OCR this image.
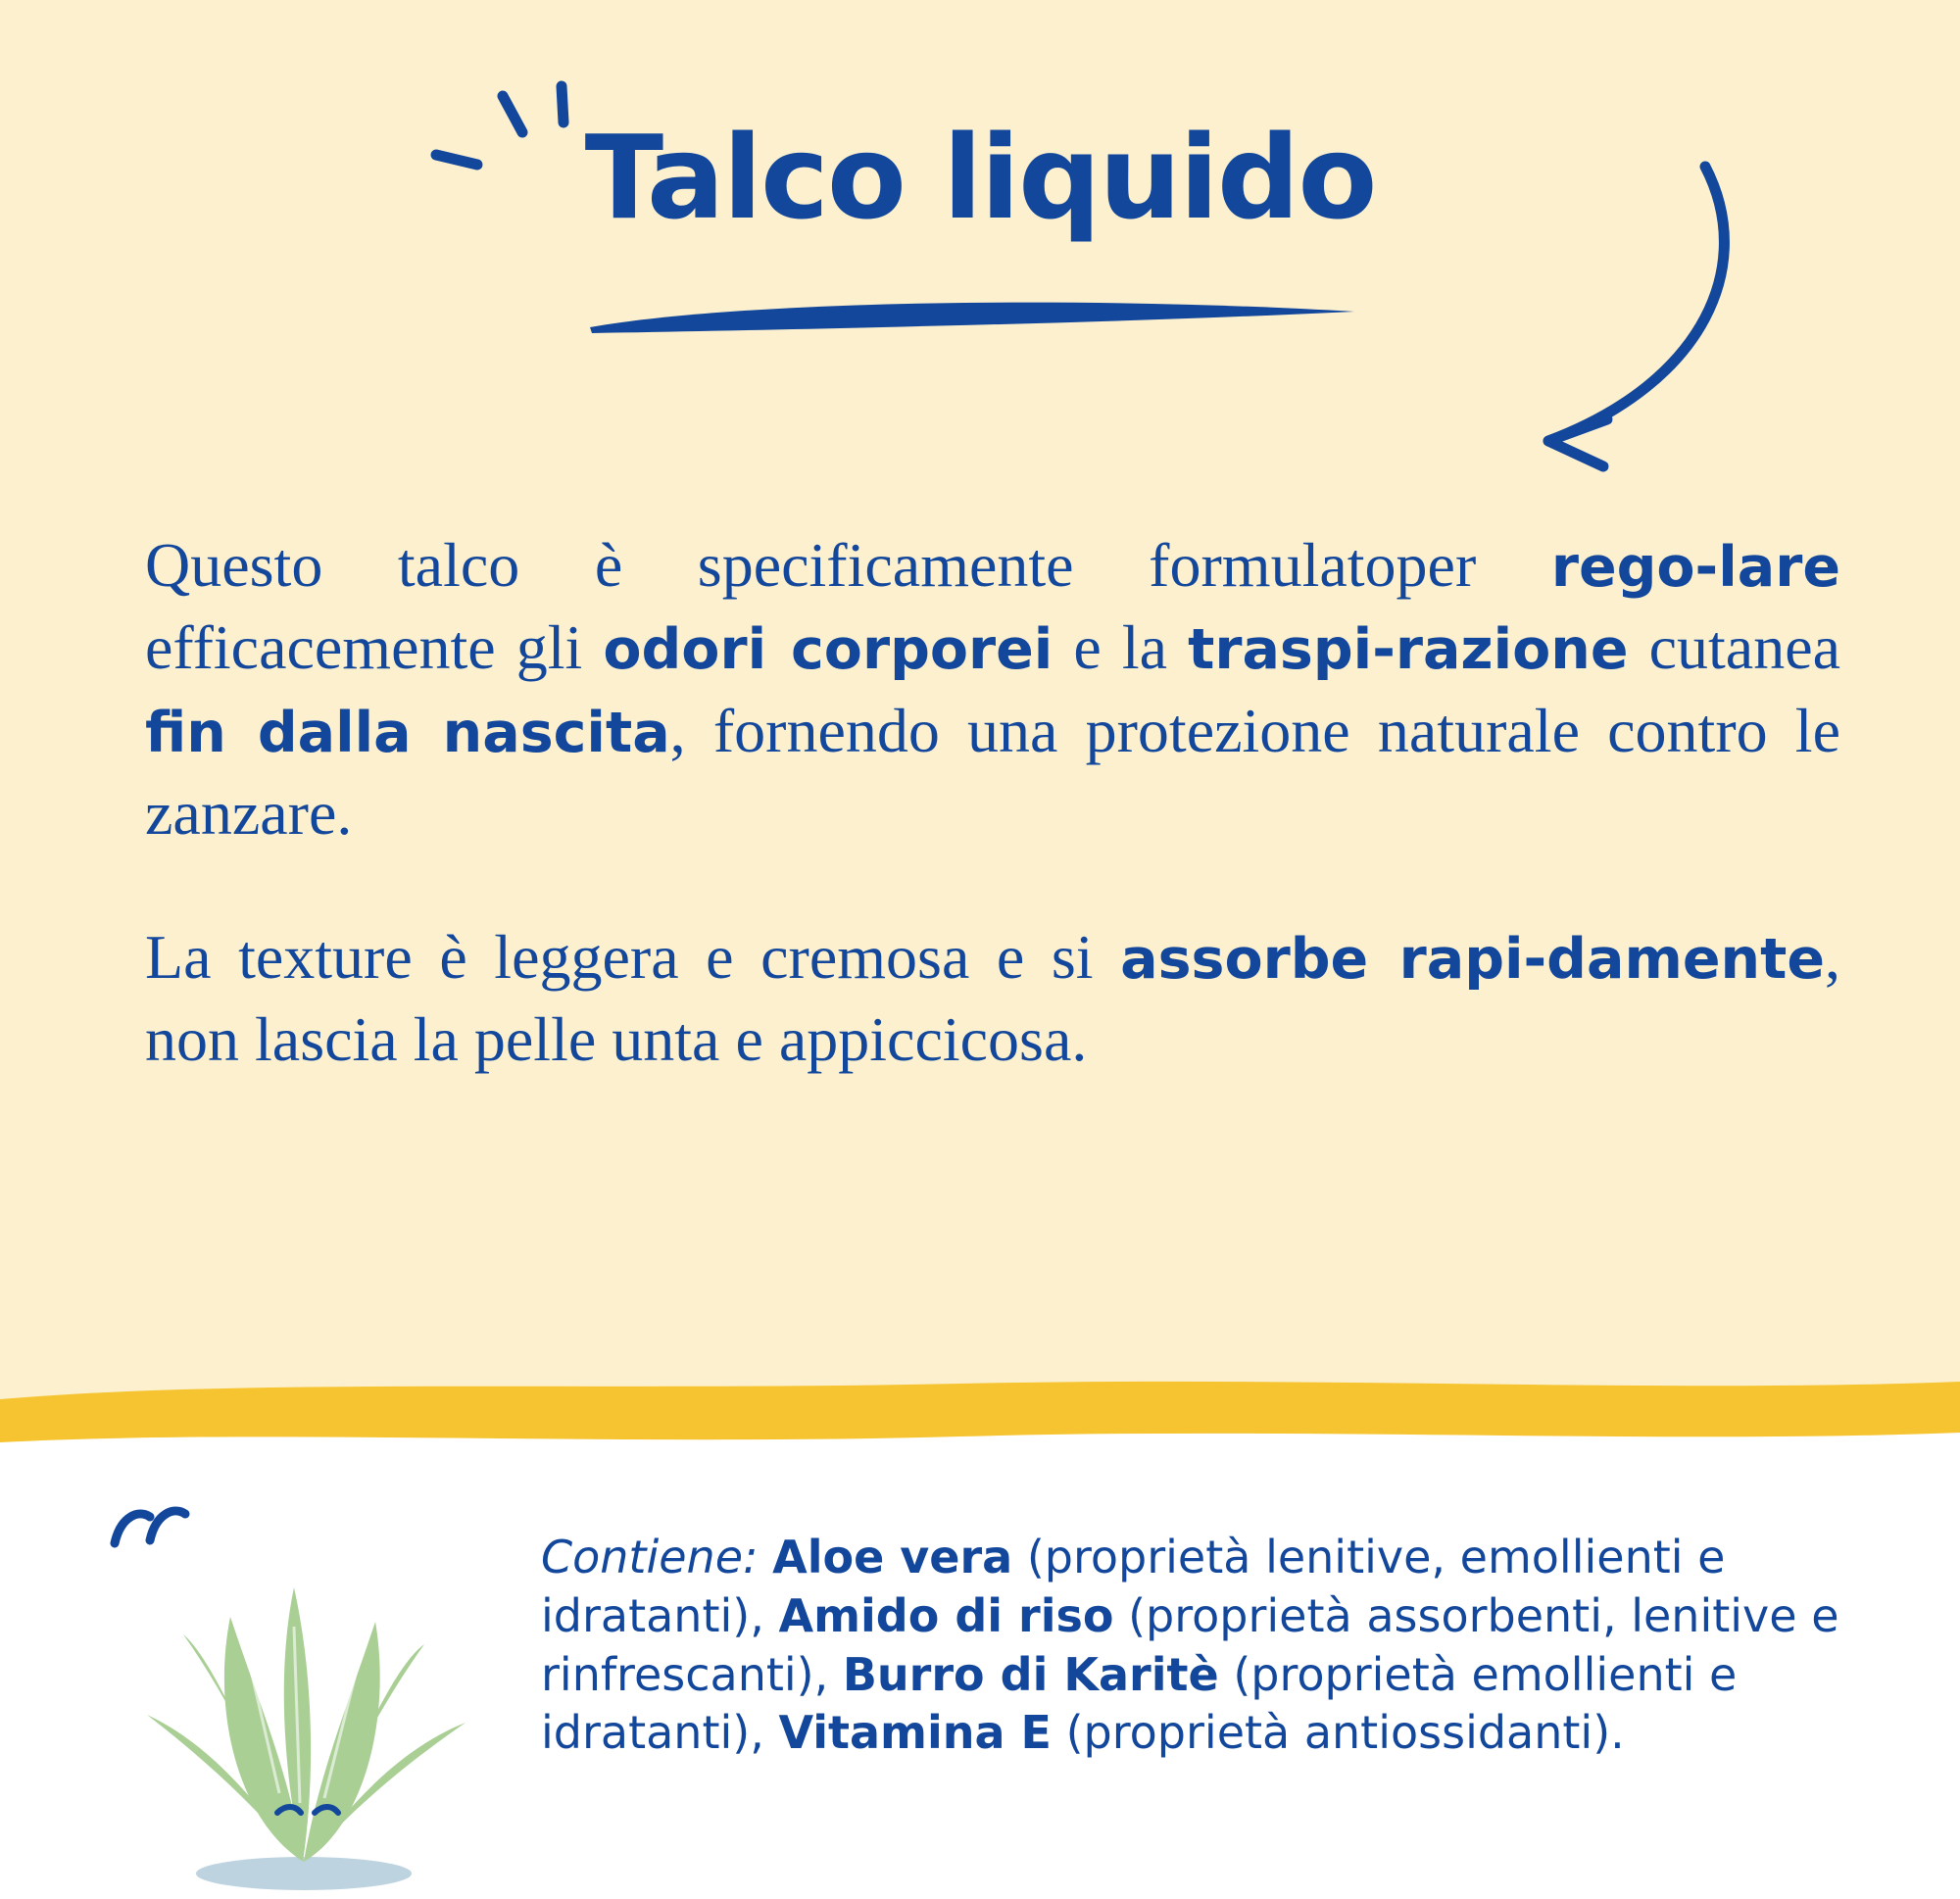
Talco liquido

Questo talco è specificamente formulatoper rego-lare efficacemente gli odori corporei e la traspi-razione cutanea fin dalla nascita, fornendo una protezione naturale contro le zanzare.

La texture è leggera e cremosa e si assorbe rapi-damente, non lascia la pelle unta e appiccicosa.

Contiene: Aloe vera (proprietà lenitive, emollienti e idratanti), Amido di riso (proprietà assorbenti, lenitive e rinfrescanti), Burro di Karitè (proprietà emollienti e idratanti), Vitamina E (proprietà antiossidanti).
